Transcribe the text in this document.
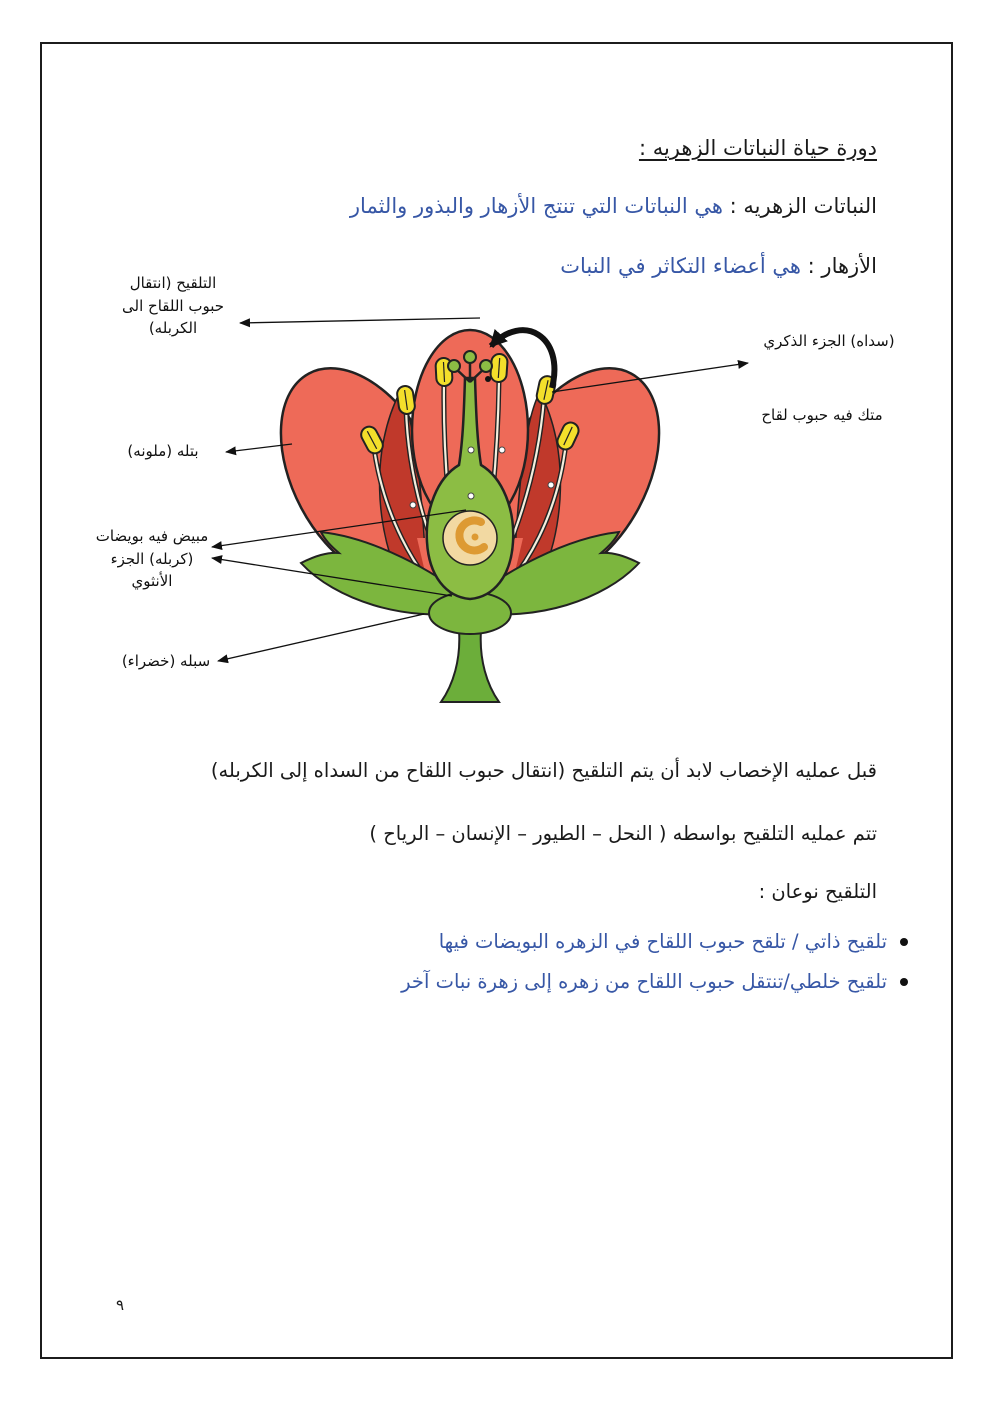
دورة حياة النباتات الزهريه :
النباتات الزهريه : هي النباتات التي تنتج الأزهار والبذور والثمار
الأزهار : هي أعضاء التكاثر في النبات
التلقيح (انتقال حبوب اللقاح الى الكربله)
(سداه) الجزء الذكري
متك فيه حبوب لقاح
بتله (ملونه)
مبيض فيه بويضات (كربله) الجزء الأنثوي
سبله (خضراء)
قبل عمليه الإخصاب لابد أن يتم التلقيح (انتقال حبوب اللقاح من السداه إلى الكربله)
تتم عمليه التلقيح بواسطه ( النحل – الطيور – الإنسان – الرياح )
التلقيح نوعان :
تلقيح ذاتي / تلقح حبوب اللقاح في الزهره البويضات فيها
تلقيح خلطي/تنتقل حبوب اللقاح من زهره إلى زهرة نبات آخر
٩
